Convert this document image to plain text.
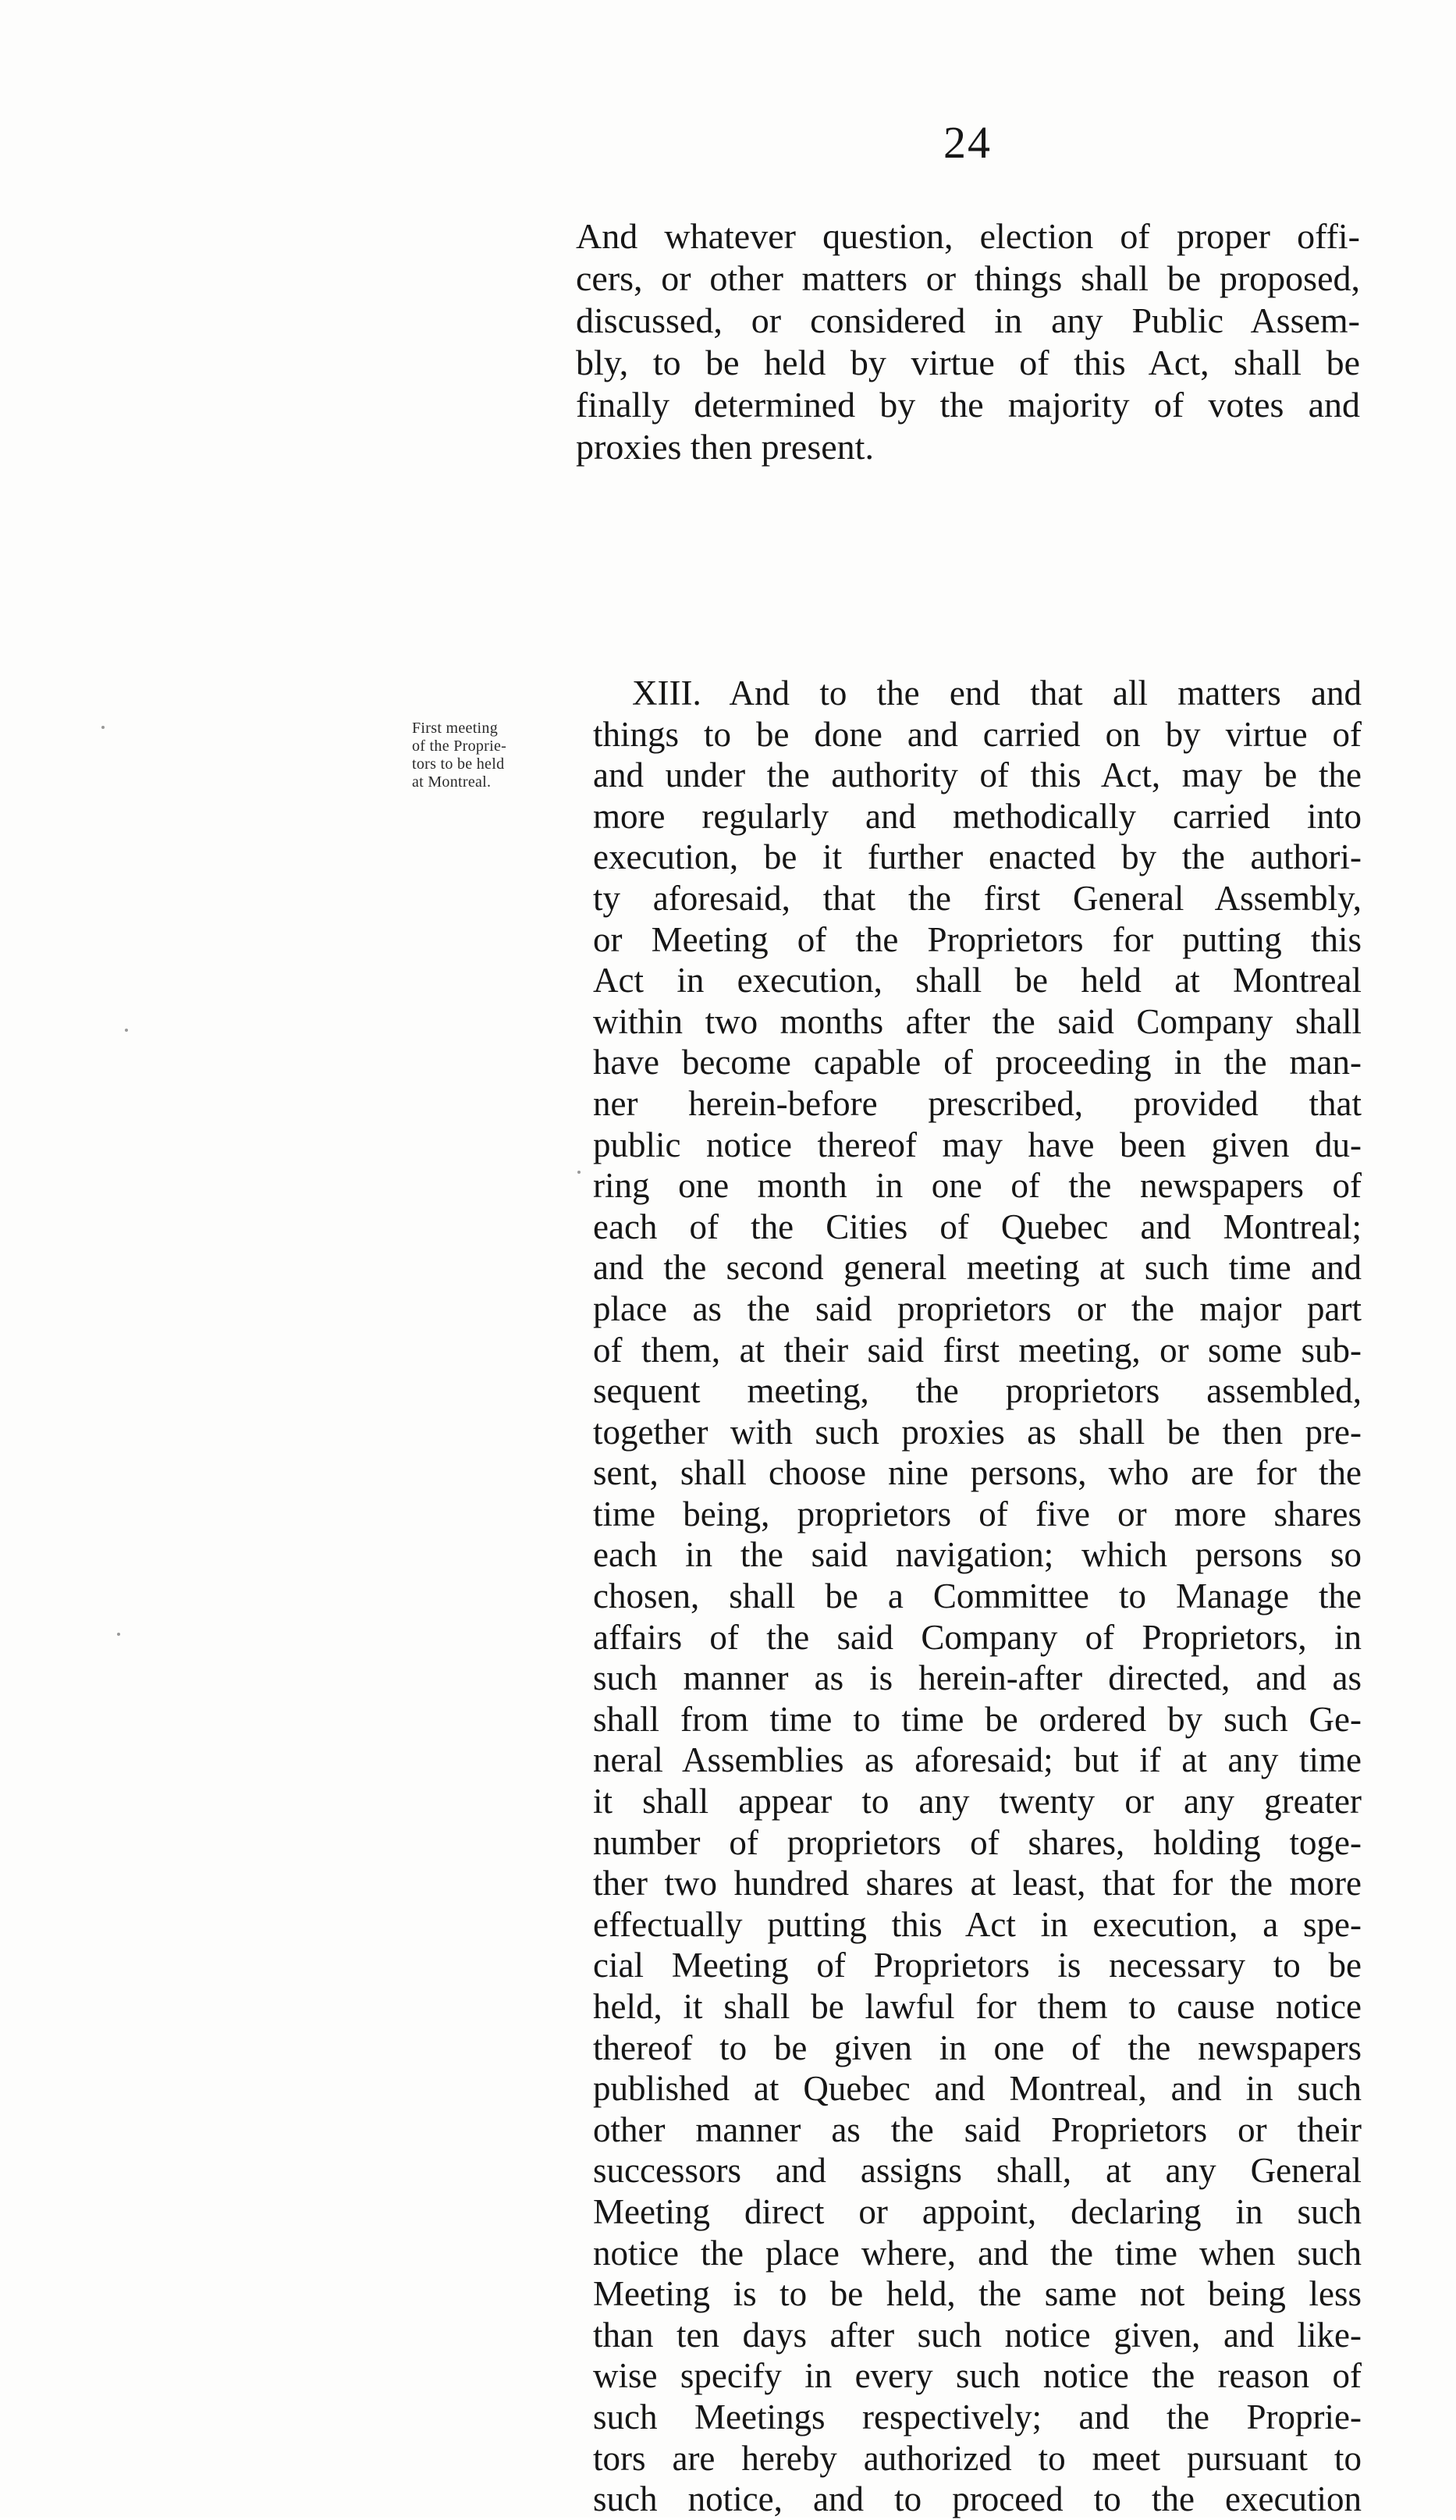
24
And whatever question, election of proper offi-
cers, or other matters or things shall be proposed,
discussed, or considered in any Public Assem-
bly, to be held by virtue of this Act, shall be
finally determined by the majority of votes and
proxies then present.
First meeting
of the Proprie-
tors to be held
at Montreal.
XIII. And to the end that all matters and
things to be done and carried on by virtue of
and under the authority of this Act, may be the
more regularly and methodically carried into
execution, be it further enacted by the authori-
ty aforesaid, that the first General Assembly,
or Meeting of the Proprietors for putting this
Act in execution, shall be held at Montreal
within two months after the said Company shall
have become capable of proceeding in the man-
ner herein-before prescribed, provided that
public notice thereof may have been given du-
ring one month in one of the newspapers of
each of the Cities of Quebec and Montreal;
and the second general meeting at such time and
place as the said proprietors or the major part
of them, at their said first meeting, or some sub-
sequent meeting, the proprietors assembled,
together with such proxies as shall be then pre-
sent, shall choose nine persons, who are for the
time being, proprietors of five or more shares
each in the said navigation; which persons so
chosen, shall be a Committee to Manage the
affairs of the said Company of Proprietors, in
such manner as is herein-after directed, and as
shall from time to time be ordered by such Ge-
neral Assemblies as aforesaid; but if at any time
it shall appear to any twenty or any greater
number of proprietors of shares, holding toge-
ther two hundred shares at least, that for the more
effectually putting this Act in execution, a spe-
cial Meeting of Proprietors is necessary to be
held, it shall be lawful for them to cause notice
thereof to be given in one of the newspapers
published at Quebec and Montreal, and in such
other manner as the said Proprietors or their
successors and assigns shall, at any General
Meeting direct or appoint, declaring in such
notice the place where, and the time when such
Meeting is to be held, the same not being less
than ten days after such notice given, and like-
wise specify in every such notice the reason of
such Meetings respectively; and the Proprie-
tors are hereby authorized to meet pursuant to
such notice, and to proceed to the execution
